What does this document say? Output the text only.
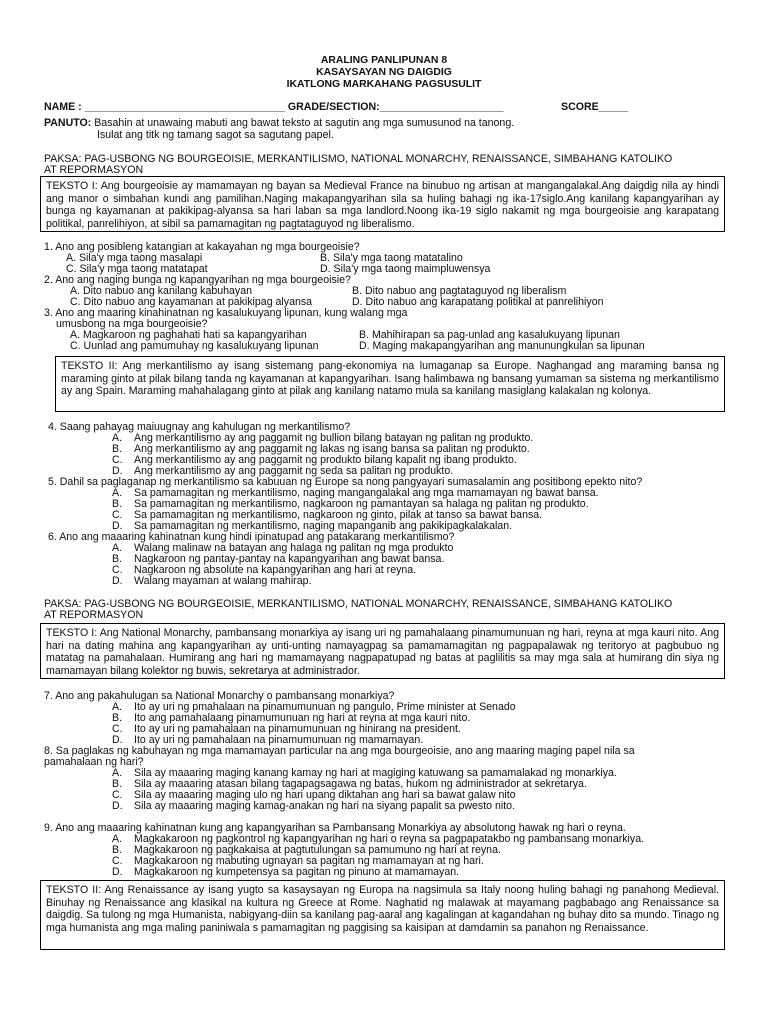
ARALING PANLIPUNAN 8
KASAYSAYAN NG DAIGDIG
IKATLONG MARKAHANG PAGSUSULIT
NAME : __________________________________ GRADE/SECTION:_____________________	SCORE_____
PANUTO: Basahin at unawaing mabuti ang bawat teksto at sagutin ang mga sumusunod na tanong.
Isulat ang titk ng tamang sagot sa sagutang papel.
PAKSA: PAG-USBONG NG BOURGEOISIE, MERKANTILISMO, NATIONAL MONARCHY, RENAISSANCE, SIMBAHANG KATOLIKO
AT REPORMASYON

TEKSTO I: Ang bourgeoisie ay mamamayan ng bayan sa Medieval France na binubuo ng artisan at mangangalakal.Ang daigdig nila ay hindi ang manor o simbahan kundi ang pamilihan.Naging makapangyarihan sila sa huling bahagi ng ika-17siglo.Ang kanilang kapangyarihan ay bunga ng kayamanan at pakikipag-alyansa sa hari laban sa mga landlord.Noong ika-19 siglo nakamit ng mga bourgeoisie ang karapatang politikal, panrelihiyon, at sibil sa pamamagitan ng pagtataguyod ng liberalismo.

1. Ano ang posibleng katangian at kakayahan ng mga bourgeoisie?
A. Sila'y mga taong masalapi	B. Sila'y mga taong matatalino
C. Sila'y mga taong matatapat	D. Sila'y mga taong maimpluwensya
2. Ano ang naging bunga ng kapangyarihan ng mga bourgeoisie?
A. Dito nabuo ang kanilang kabuhayan	B. Dito nabuo ang pagtataguyod ng liberalism
C. Dito nabuo ang kayamanan at pakikipag alyansa	D. Dito nabuo ang karapatang politikal at panrelihiyon
3. Ano ang maaring kinahinatnan ng kasalukuyang lipunan, kung walang mga
umusbong na mga bourgeoisie?
A. Magkaroon ng paghahati hati sa kapangyarihan	B. Mahihirapan sa pag-unlad ang kasalukuyang lipunan
C. Uunlad ang pamumuhay ng kasalukuyang lipunan	D. Maging makapangyarihan ang manunungkulan sa lipunan

TEKSTO II: Ang merkantilismo ay isang sistemang pang-ekonomiya na lumaganap sa Europe. Naghangad ang maraming bansa ng maraming ginto at pilak bilang tanda ng kayamanan at kapangyarihan. Isang halimbawa ng bansang yumaman sa sistema ng merkantilismo ay ang Spain. Maraming mahahalagang ginto at pilak ang kanilang natamo mula sa kanilang masiglang kalakalan ng kolonya.

4. Saang pahayag maiuugnay ang kahulugan ng merkantilismo?
A. Ang merkantilismo ay ang paggamit ng bullion bilang batayan ng palitan ng produkto.
B. Ang merkantilismo ay ang paggamit ng lakas ng isang bansa sa palitan ng produkto.
C. Ang merkantilismo ay ang paggamit ng produkto bilang kapalit ng ibang produkto.
D. Ang merkantilismo ay ang paggamit ng seda sa palitan ng produkto.
5. Dahil sa paglaganap ng merkantilismo sa kabuuan ng Europe sa nong pangyayari sumasalamin ang positibong epekto nito?
A. Sa pamamagitan ng merkantilismo, naging mangangalakal ang mga mamamayan ng bawat bansa.
B. Sa pamamagitan ng merkantilismo, nagkaroon ng pamantayan sa halaga ng palitan ng produkto.
C. Sa pamamagitan ng merkantilismo, nagkaroon ng ginto, pilak at tanso sa bawat bansa.
D. Sa pamamagitan ng merkantilismo, naging mapanganib ang pakikipagkalakalan.
6. Ano ang maaaring kahinatnan kung hindi ipinatupad ang patakarang merkantilismo?
A. Walang malinaw na batayan ang halaga ng palitan ng mga produkto
B. Nagkaroon ng pantay-pantay na kapangyarihan ang bawat bansa.
C. Nagkaroon ng absolute na kapangyarihan ang hari at reyna.
D. Walang mayaman at walang mahirap.
PAKSA: PAG-USBONG NG BOURGEOISIE, MERKANTILISMO, NATIONAL MONARCHY, RENAISSANCE, SIMBAHANG KATOLIKO
AT REPORMASYON

TEKSTO I: Ang National Monarchy, pambansang monarkiya ay isang uri ng pamahalaang pinamumunuan ng hari, reyna at mga kauri nito. Ang hari na dating mahina ang kapangyarihan ay unti-unting namayagpag sa pamamamagitan ng pagpapalawak ng teritoryo at pagbubuo ng matatag na pamahalaan. Humirang ang hari ng mamamayang nagpapatupad ng batas at paglilitis sa may mga sala at humirang din siya ng mamamayan bilang kolektor ng buwis, sekretarya at administrador.

7. Ano ang pakahulugan sa National Monarchy o pambansang monarkiya?
A. Ito ay uri ng pmahalaan na pinamumunuan ng pangulo, Prime minister at Senado
B. Ito ang pamahalaang pinamumunuan ng hari at reyna at mga kauri nito.
C. Ito ay uri ng pamahalaan na pinamumunuan ng hinirang na president.
D. Ito ay uri ng pamahalaan na pinamumunuan ng mamamayan.
8. Sa paglakas ng kabuhayan ng mga mamamayan particular na ang mga bourgeoisie, ano ang maaring maging papel nila sa
pamahalaan ng hari?
A. Sila ay maaaring maging kanang kamay ng hari at magiging katuwang sa pamamalakad ng monarkiya.
B. Sila ay maaaring atasan bilang tagapagsagawa ng batas, hukom ng administrador at sekretarya.
C. Sila ay maaaring maging ulo ng hari upang diktahan ang hari sa bawat galaw nito
D. Sila ay maaaring maging kamag-anakan ng hari na siyang papalit sa pwesto nito.
9. Ano ang maaaring kahinatnan kung ang kapangyarihan sa Pambansang Monarkiya ay absolutong hawak ng hari o reyna.
A. Magkakaroon ng pagkontrol ng kapangyarihan ng hari o reyna sa pagpapatakbo ng pambansang monarkiya.
B. Magkakaroon ng pagkakaisa at pagtutulungan sa pamumuno ng hari at reyna.
C. Magkakaroon ng mabuting ugnayan sa pagitan ng mamamayan at ng hari.
D. Magkakaroon ng kumpetensya sa pagitan ng pinuno at mamamayan.

TEKSTO II: Ang Renaissance ay isang yugto sa kasaysayan ng Europa na nagsimula sa Italy noong huling bahagi ng panahong Medieval. Binuhay ng Renaissance ang klasikal na kultura ng Greece at Rome. Naghatid ng malawak at mayamang pagbabago ang Renaissance sa daigdig. Sa tulong ng mga Humanista, nabigyang-diin sa kanilang pag-aaral ang kagalingan at kagandahan ng buhay dito sa mundo. Tinago ng mga humanista ang mga maling paniniwala s pamamagitan ng paggising sa kaisipan at damdamin sa panahon ng Renaissance.
